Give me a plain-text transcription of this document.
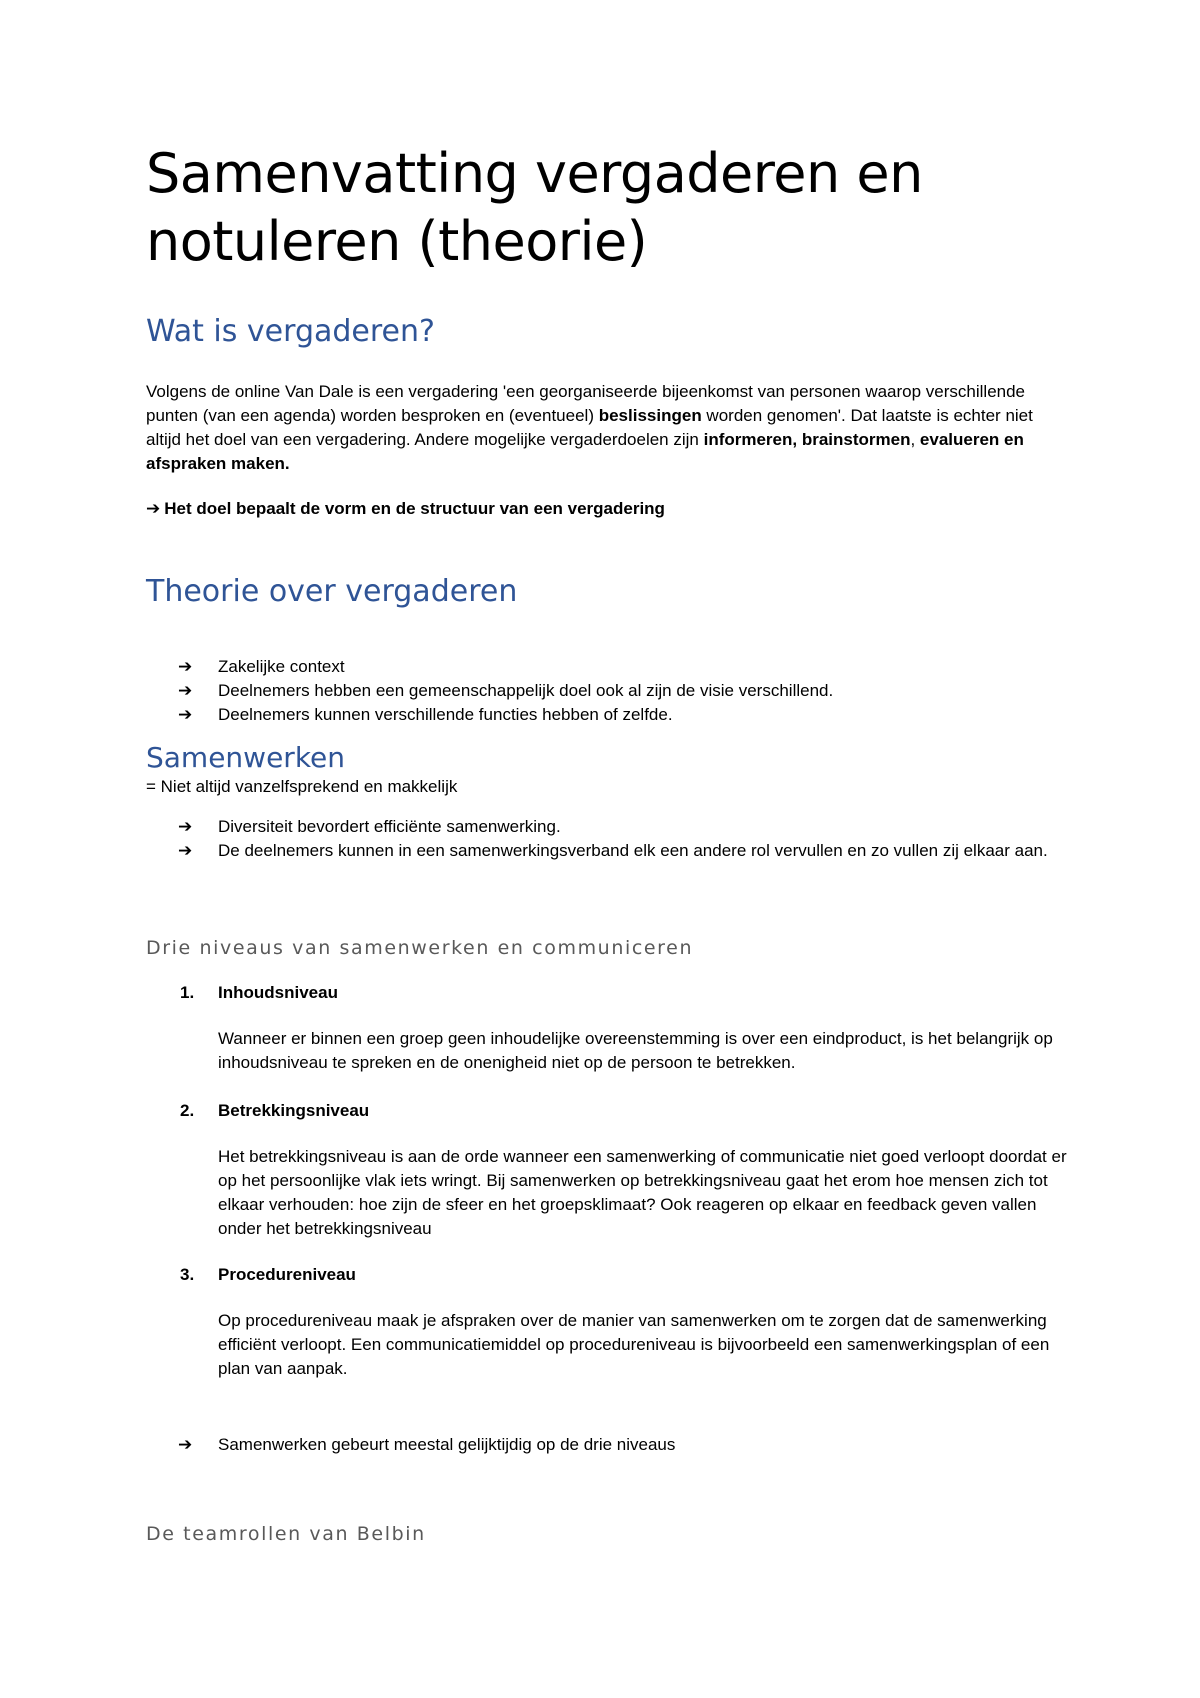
Samenvatting vergaderen en notuleren (theorie)
Wat is vergaderen?

Volgens de online Van Dale is een vergadering 'een georganiseerde bijeenkomst van personen waarop verschillende punten (van een agenda) worden besproken en (eventueel) beslissingen worden genomen'. Dat laatste is echter niet altijd het doel van een vergadering. Andere mogelijke vergaderdoelen zijn informeren, brainstormen, evalueren en afspraken maken.

➔ Het doel bepaalt de vorm en de structuur van een vergadering
Theorie over vergaderen
➔ Zakelijke context
➔ Deelnemers hebben een gemeenschappelijk doel ook al zijn de visie verschillend.
➔ Deelnemers kunnen verschillende functies hebben of zelfde.
Samenwerken

= Niet altijd vanzelfsprekend en makkelijk

➔ Diversiteit bevordert efficiënte samenwerking.
➔ De deelnemers kunnen in een samenwerkingsverband elk een andere rol vervullen en zo vullen zij elkaar aan.
Drie niveaus van samenwerken en communiceren
1. Inhoudsniveau

Wanneer er binnen een groep geen inhoudelijke overeenstemming is over een eindproduct, is het belangrijk op inhoudsniveau te spreken en de onenigheid niet op de persoon te betrekken.

2. Betrekkingsniveau

Het betrekkingsniveau is aan de orde wanneer een samenwerking of communicatie niet goed verloopt doordat er op het persoonlijke vlak iets wringt. Bij samenwerken op betrekkingsniveau gaat het erom hoe mensen zich tot elkaar verhouden: hoe zijn de sfeer en het groepsklimaat? Ook reageren op elkaar en feedback geven vallen onder het betrekkingsniveau

3. Procedureniveau

Op procedureniveau maak je afspraken over de manier van samenwerken om te zorgen dat de samenwerking efficiënt verloopt. Een communicatiemiddel op procedureniveau is bijvoorbeeld een samenwerkingsplan of een plan van aanpak.

➔ Samenwerken gebeurt meestal gelijktijdig op de drie niveaus
De teamrollen van Belbin
